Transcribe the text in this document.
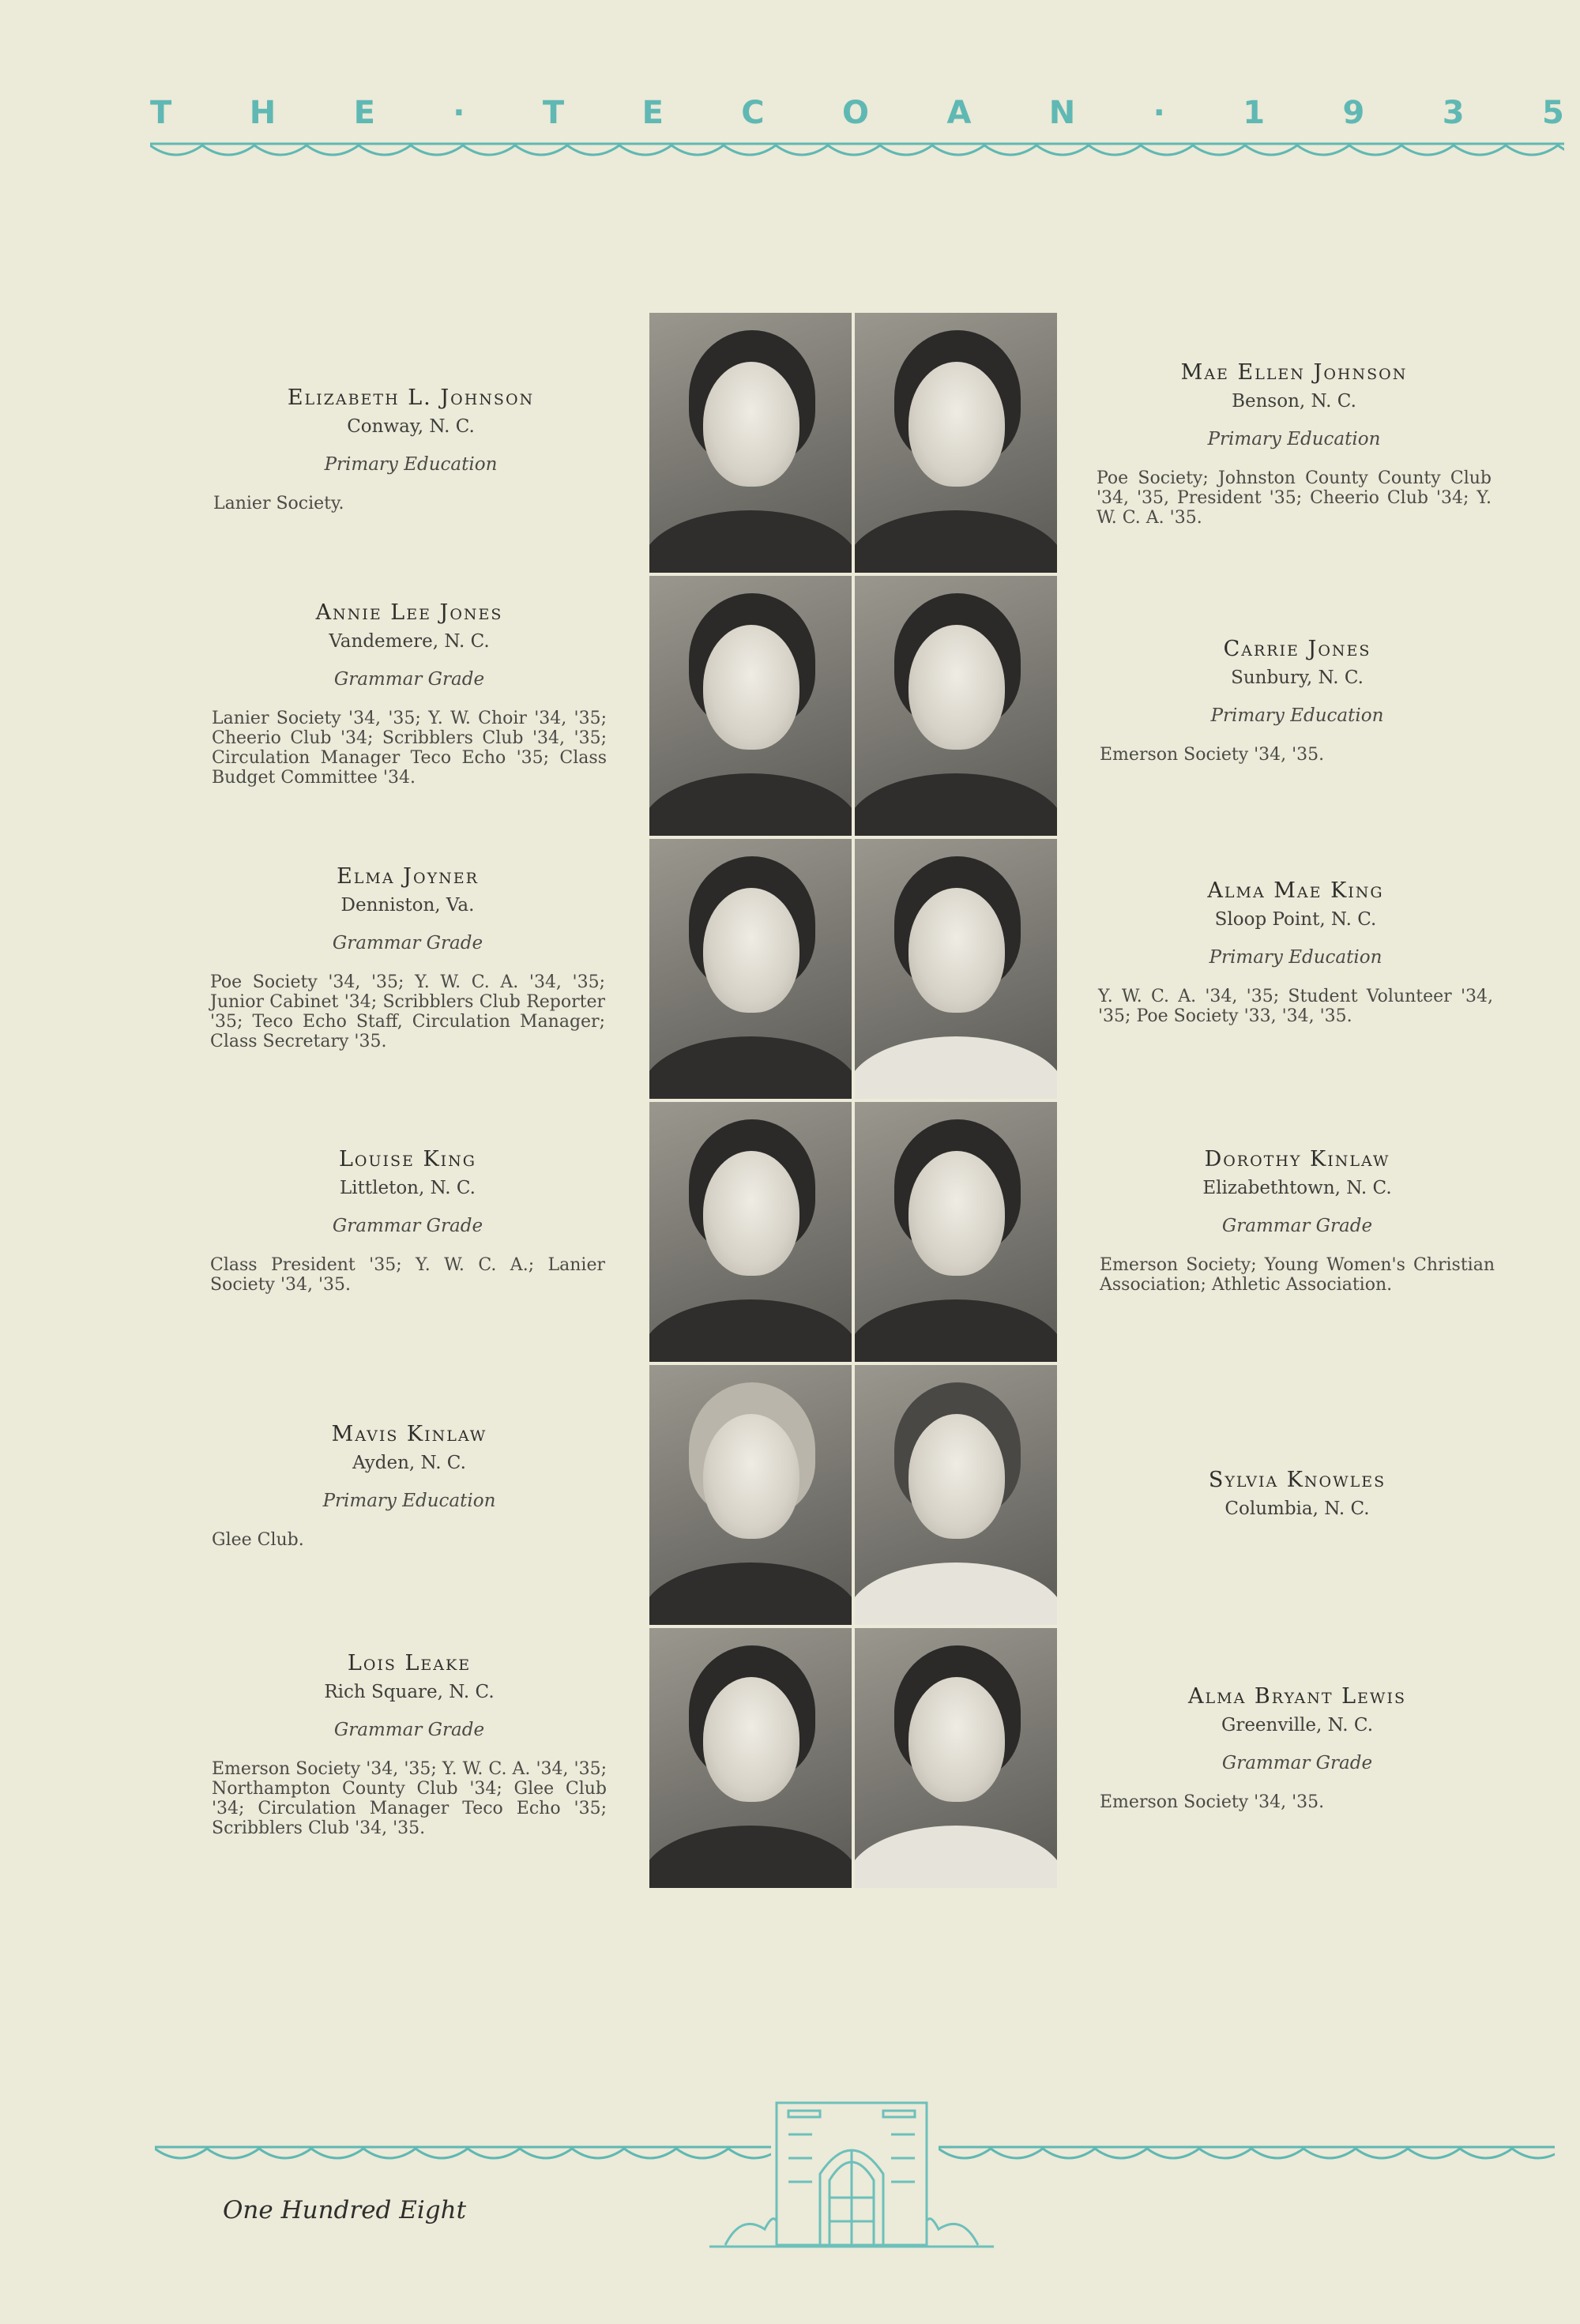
T H E · T E C O A N · 1 9 3 5
Elizabeth L. Johnson
Conway, N. C.
Primary Education
Lanier Society.
Annie Lee Jones
Vandemere, N. C.
Grammar Grade
Lanier Society '34, '35; Y. W. Choir '34, '35; Cheerio Club '34; Scribblers Club '34, '35; Circulation Manager Teco Echo '35; Class Budget Committee '34.
Elma Joyner
Denniston, Va.
Grammar Grade
Poe Society '34, '35; Y. W. C. A. '34, '35; Junior Cabinet '34; Scribblers Club Reporter '35; Teco Echo Staff, Circulation Manager; Class Secretary '35.
Louise King
Littleton, N. C.
Grammar Grade
Class President '35; Y. W. C. A.; Lanier Society '34, '35.
Mavis Kinlaw
Ayden, N. C.
Primary Education
Glee Club.
Lois Leake
Rich Square, N. C.
Grammar Grade
Emerson Society '34, '35; Y. W. C. A. '34, '35; Northampton County Club '34; Glee Club '34; Circulation Manager Teco Echo '35; Scribblers Club '34, '35.
Mae Ellen Johnson
Benson, N. C.
Primary Education
Poe Society; Johnston County County Club '34, '35, President '35; Cheerio Club '34; Y. W. C. A. '35.
Carrie Jones
Sunbury, N. C.
Primary Education
Emerson Society '34, '35.
Alma Mae King
Sloop Point, N. C.
Primary Education
Y. W. C. A. '34, '35; Student Volunteer '34, '35; Poe Society '33, '34, '35.
Dorothy Kinlaw
Elizabethtown, N. C.
Grammar Grade
Emerson Society; Young Women's Christian Association; Athletic Association.
Sylvia Knowles
Columbia, N. C.
Alma Bryant Lewis
Greenville, N. C.
Grammar Grade
Emerson Society '34, '35.
One Hundred Eight
